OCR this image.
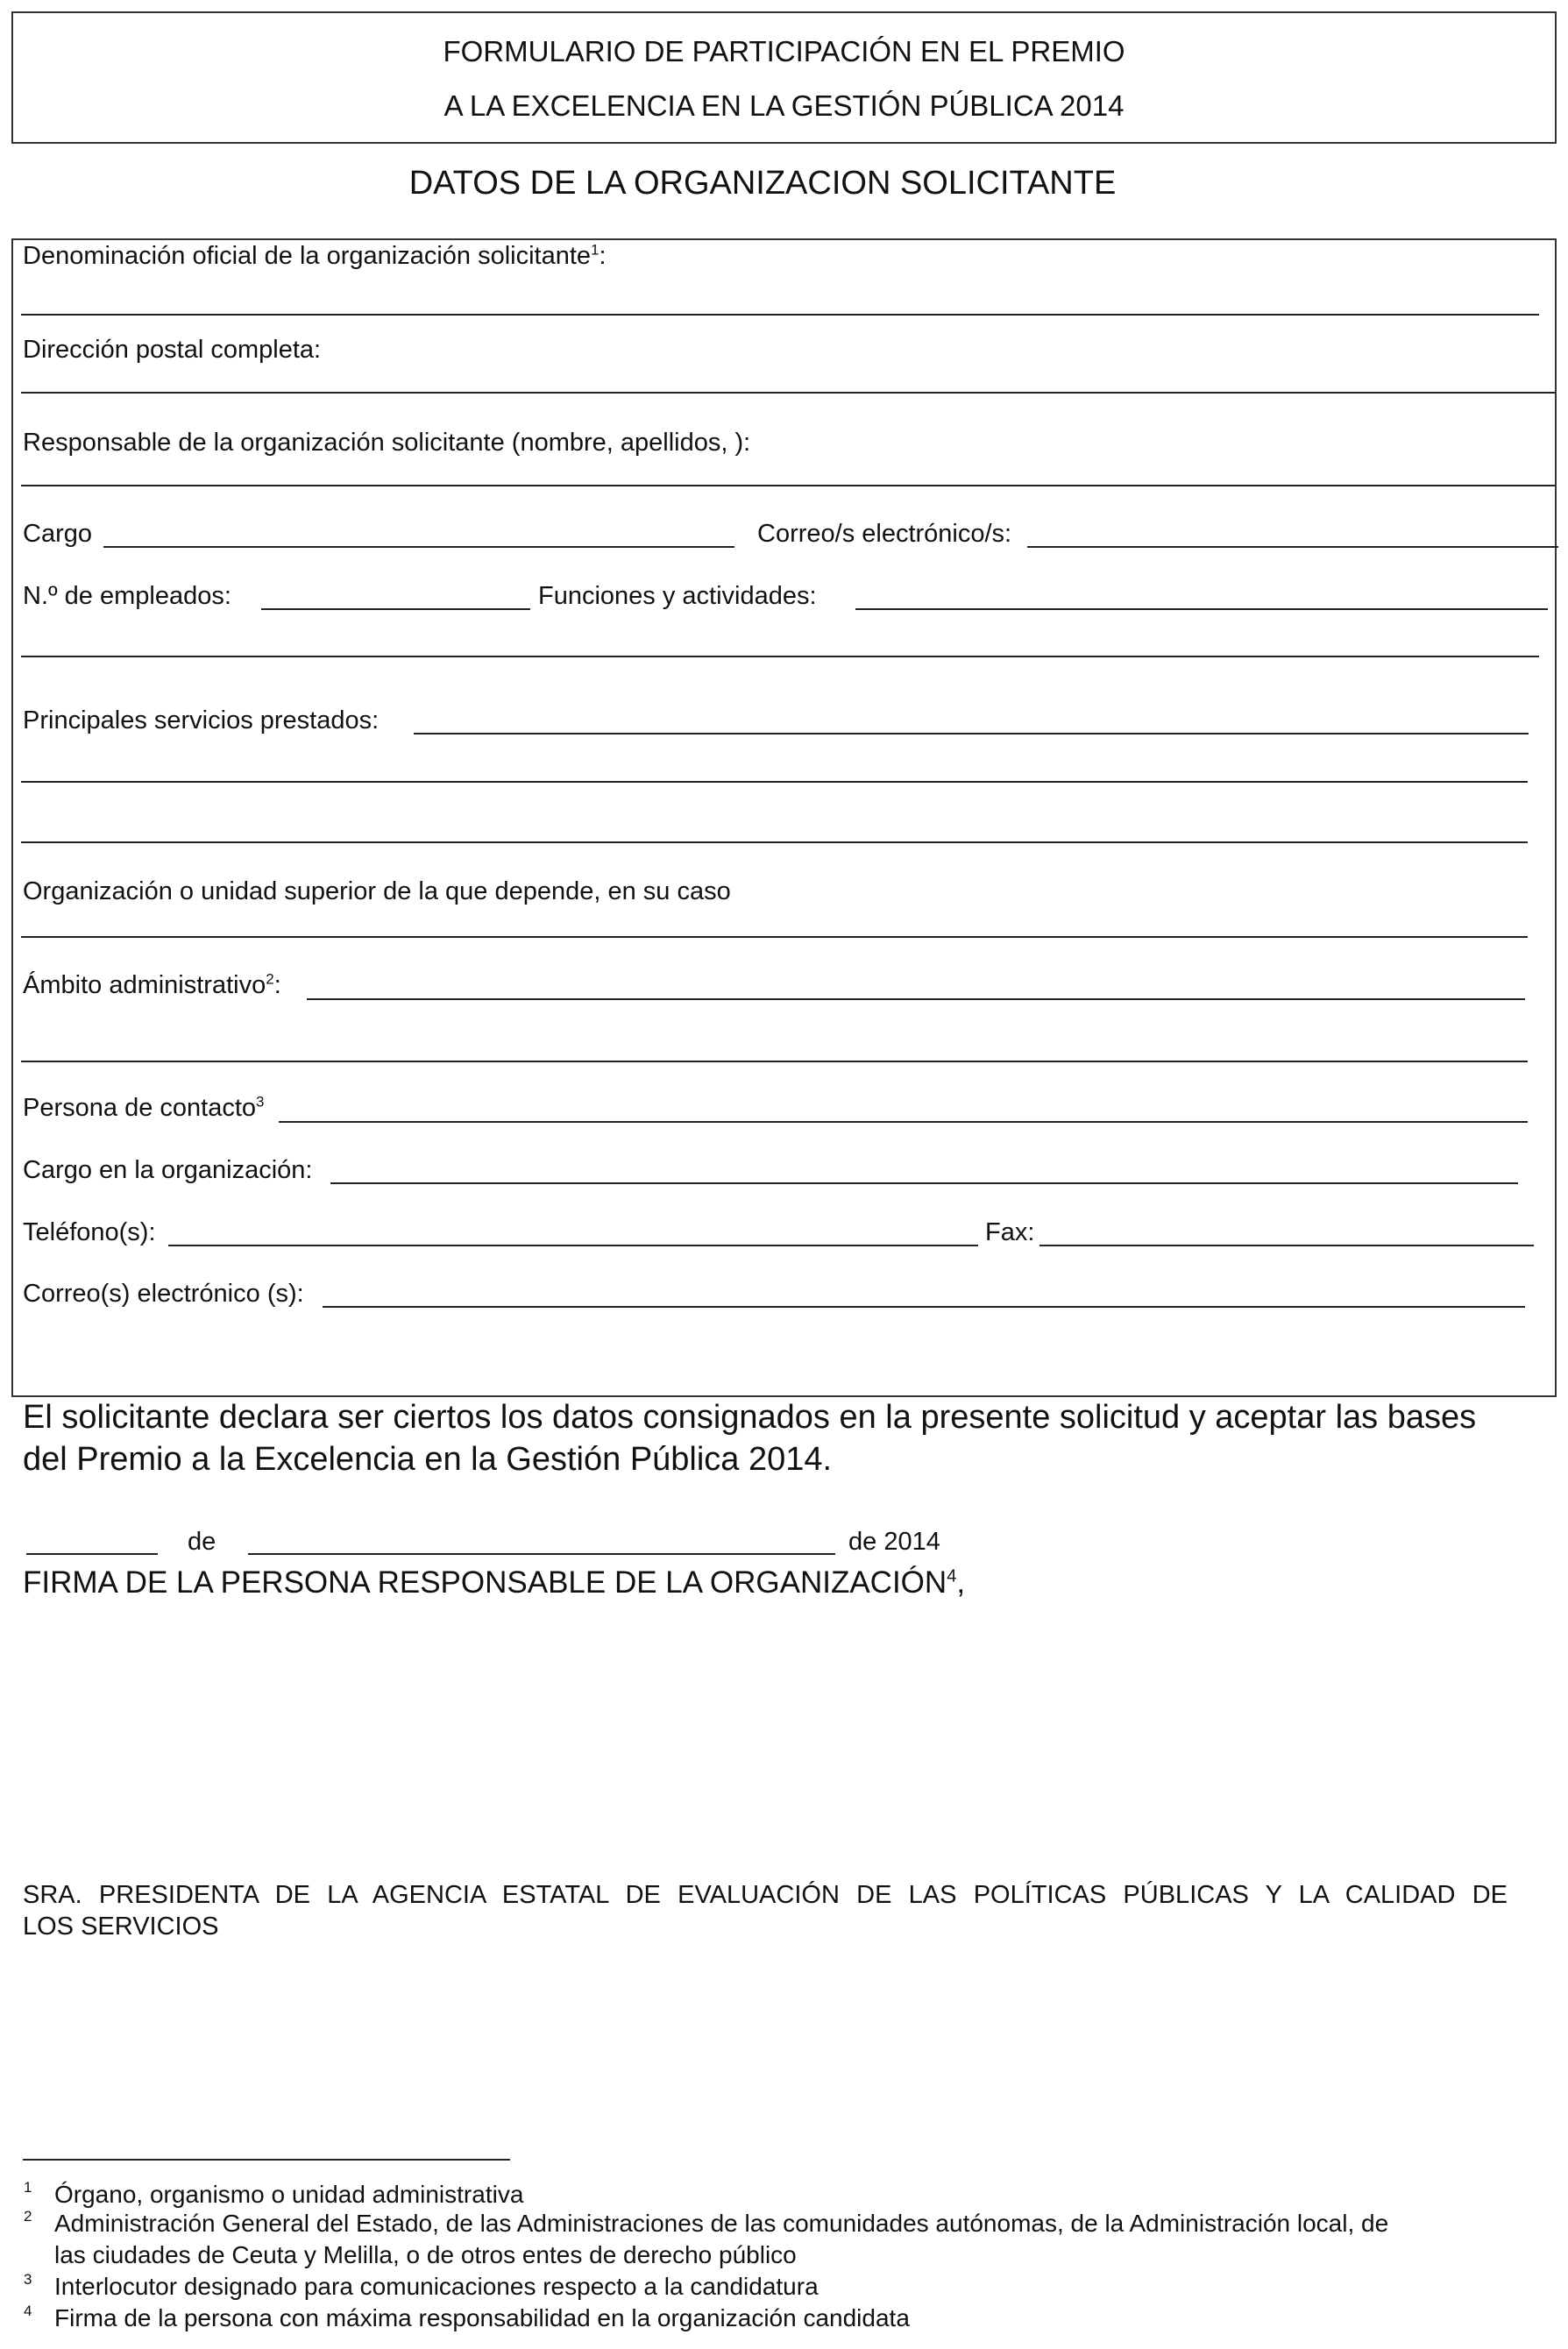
FORMULARIO DE PARTICIPACIÓN EN EL PREMIO
A LA EXCELENCIA EN LA GESTIÓN PÚBLICA 2014
DATOS DE LA ORGANIZACION SOLICITANTE
Denominación oficial de la organización solicitante$^1$:
Dirección postal completa:
Responsable de la organización solicitante (nombre, apellidos, ):
Cargo	Correo/s electrónico/s:
N.º de empleados:	Funciones y actividades:
Principales servicios prestados:
Organización o unidad superior de la que depende, en su caso
Ámbito administrativo$^2$:
Persona de contacto$^3$
Cargo en la organización:
Teléfono(s):	Fax:
Correo(s) electrónico (s):
El solicitante declara ser ciertos los datos consignados en la presente solicitud y aceptar las bases
del Premio a la Excelencia en la Gestión Pública 2014.
de	de 2014
FIRMA DE LA PERSONA RESPONSABLE DE LA ORGANIZACIÓN$^4$,
SRA. PRESIDENTA DE LA AGENCIA ESTATAL DE EVALUACIÓN DE LAS POLÍTICAS PÚBLICAS Y LA CALIDAD DE
LOS SERVICIOS
1 Órgano, organismo o unidad administrativa
2 Administración General del Estado, de las Administraciones de las comunidades autónomas, de la Administración local, de
las ciudades de Ceuta y Melilla, o de otros entes de derecho público
3 Interlocutor designado para comunicaciones respecto a la candidatura
4 Firma de la persona con máxima responsabilidad en la organización candidata
